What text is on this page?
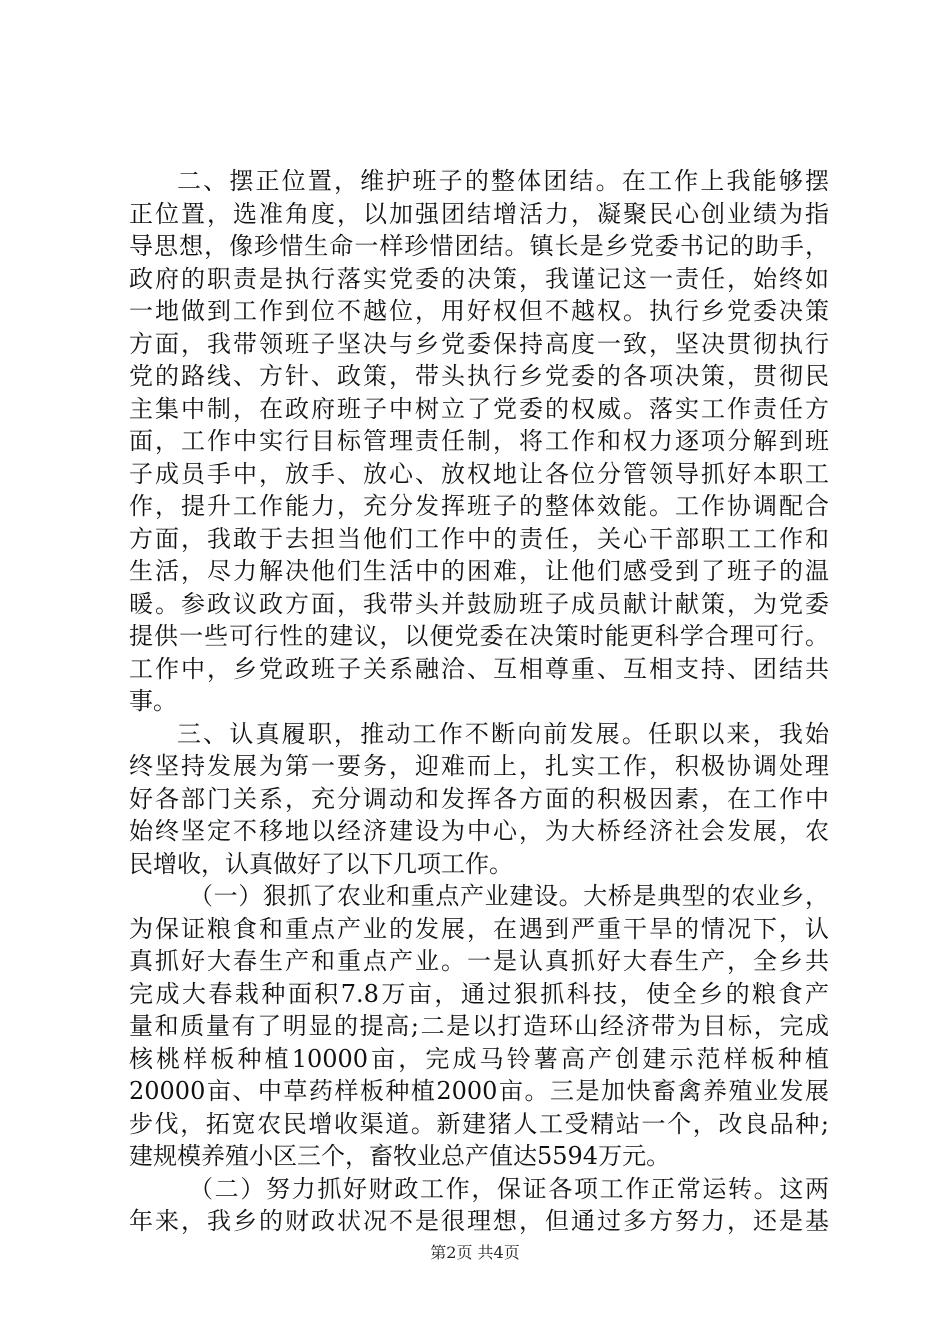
二、摆正位置，维护班子的整体团结。在工作上我能够摆
正位置，选准角度，以加强团结增活力，凝聚民心创业绩为指
导思想，像珍惜生命一样珍惜团结。镇长是乡党委书记的助手，
政府的职责是执行落实党委的决策，我谨记这一责任，始终如
一地做到工作到位不越位，用好权但不越权。执行乡党委决策
方面，我带领班子坚决与乡党委保持高度一致，坚决贯彻执行
党的路线、方针、政策，带头执行乡党委的各项决策，贯彻民
主集中制，在政府班子中树立了党委的权威。落实工作责任方
面，工作中实行目标管理责任制，将工作和权力逐项分解到班
子成员手中，放手、放心、放权地让各位分管领导抓好本职工
作，提升工作能力，充分发挥班子的整体效能。工作协调配合
方面，我敢于去担当他们工作中的责任，关心干部职工工作和
生活，尽力解决他们生活中的困难，让他们感受到了班子的温
暖。参政议政方面，我带头并鼓励班子成员献计献策，为党委
提供一些可行性的建议，以便党委在决策时能更科学合理可行。
工作中，乡党政班子关系融洽、互相尊重、互相支持、团结共
事。
三、认真履职，推动工作不断向前发展。任职以来，我始
终坚持发展为第一要务，迎难而上，扎实工作，积极协调处理
好各部门关系，充分调动和发挥各方面的积极因素，在工作中
始终坚定不移地以经济建设为中心，为大桥经济社会发展，农
民增收，认真做好了以下几项工作。
（一）狠抓了农业和重点产业建设。大桥是典型的农业乡，
为保证粮食和重点产业的发展，在遇到严重干旱的情况下，认
真抓好大春生产和重点产业。一是认真抓好大春生产，全乡共
完成大春栽种面积7.8万亩，通过狠抓科技，使全乡的粮食产
量和质量有了明显的提高;二是以打造环山经济带为目标，完成
核桃样板种植10000亩，完成马铃薯高产创建示范样板种植
20000亩、中草药样板种植2000亩。三是加快畜禽养殖业发展
步伐，拓宽农民增收渠道。新建猪人工受精站一个，改良品种;
建规模养殖小区三个，畜牧业总产值达5594万元。
（二）努力抓好财政工作，保证各项工作正常运转。这两
年来，我乡的财政状况不是很理想，但通过多方努力，还是基
第2页 共4页
